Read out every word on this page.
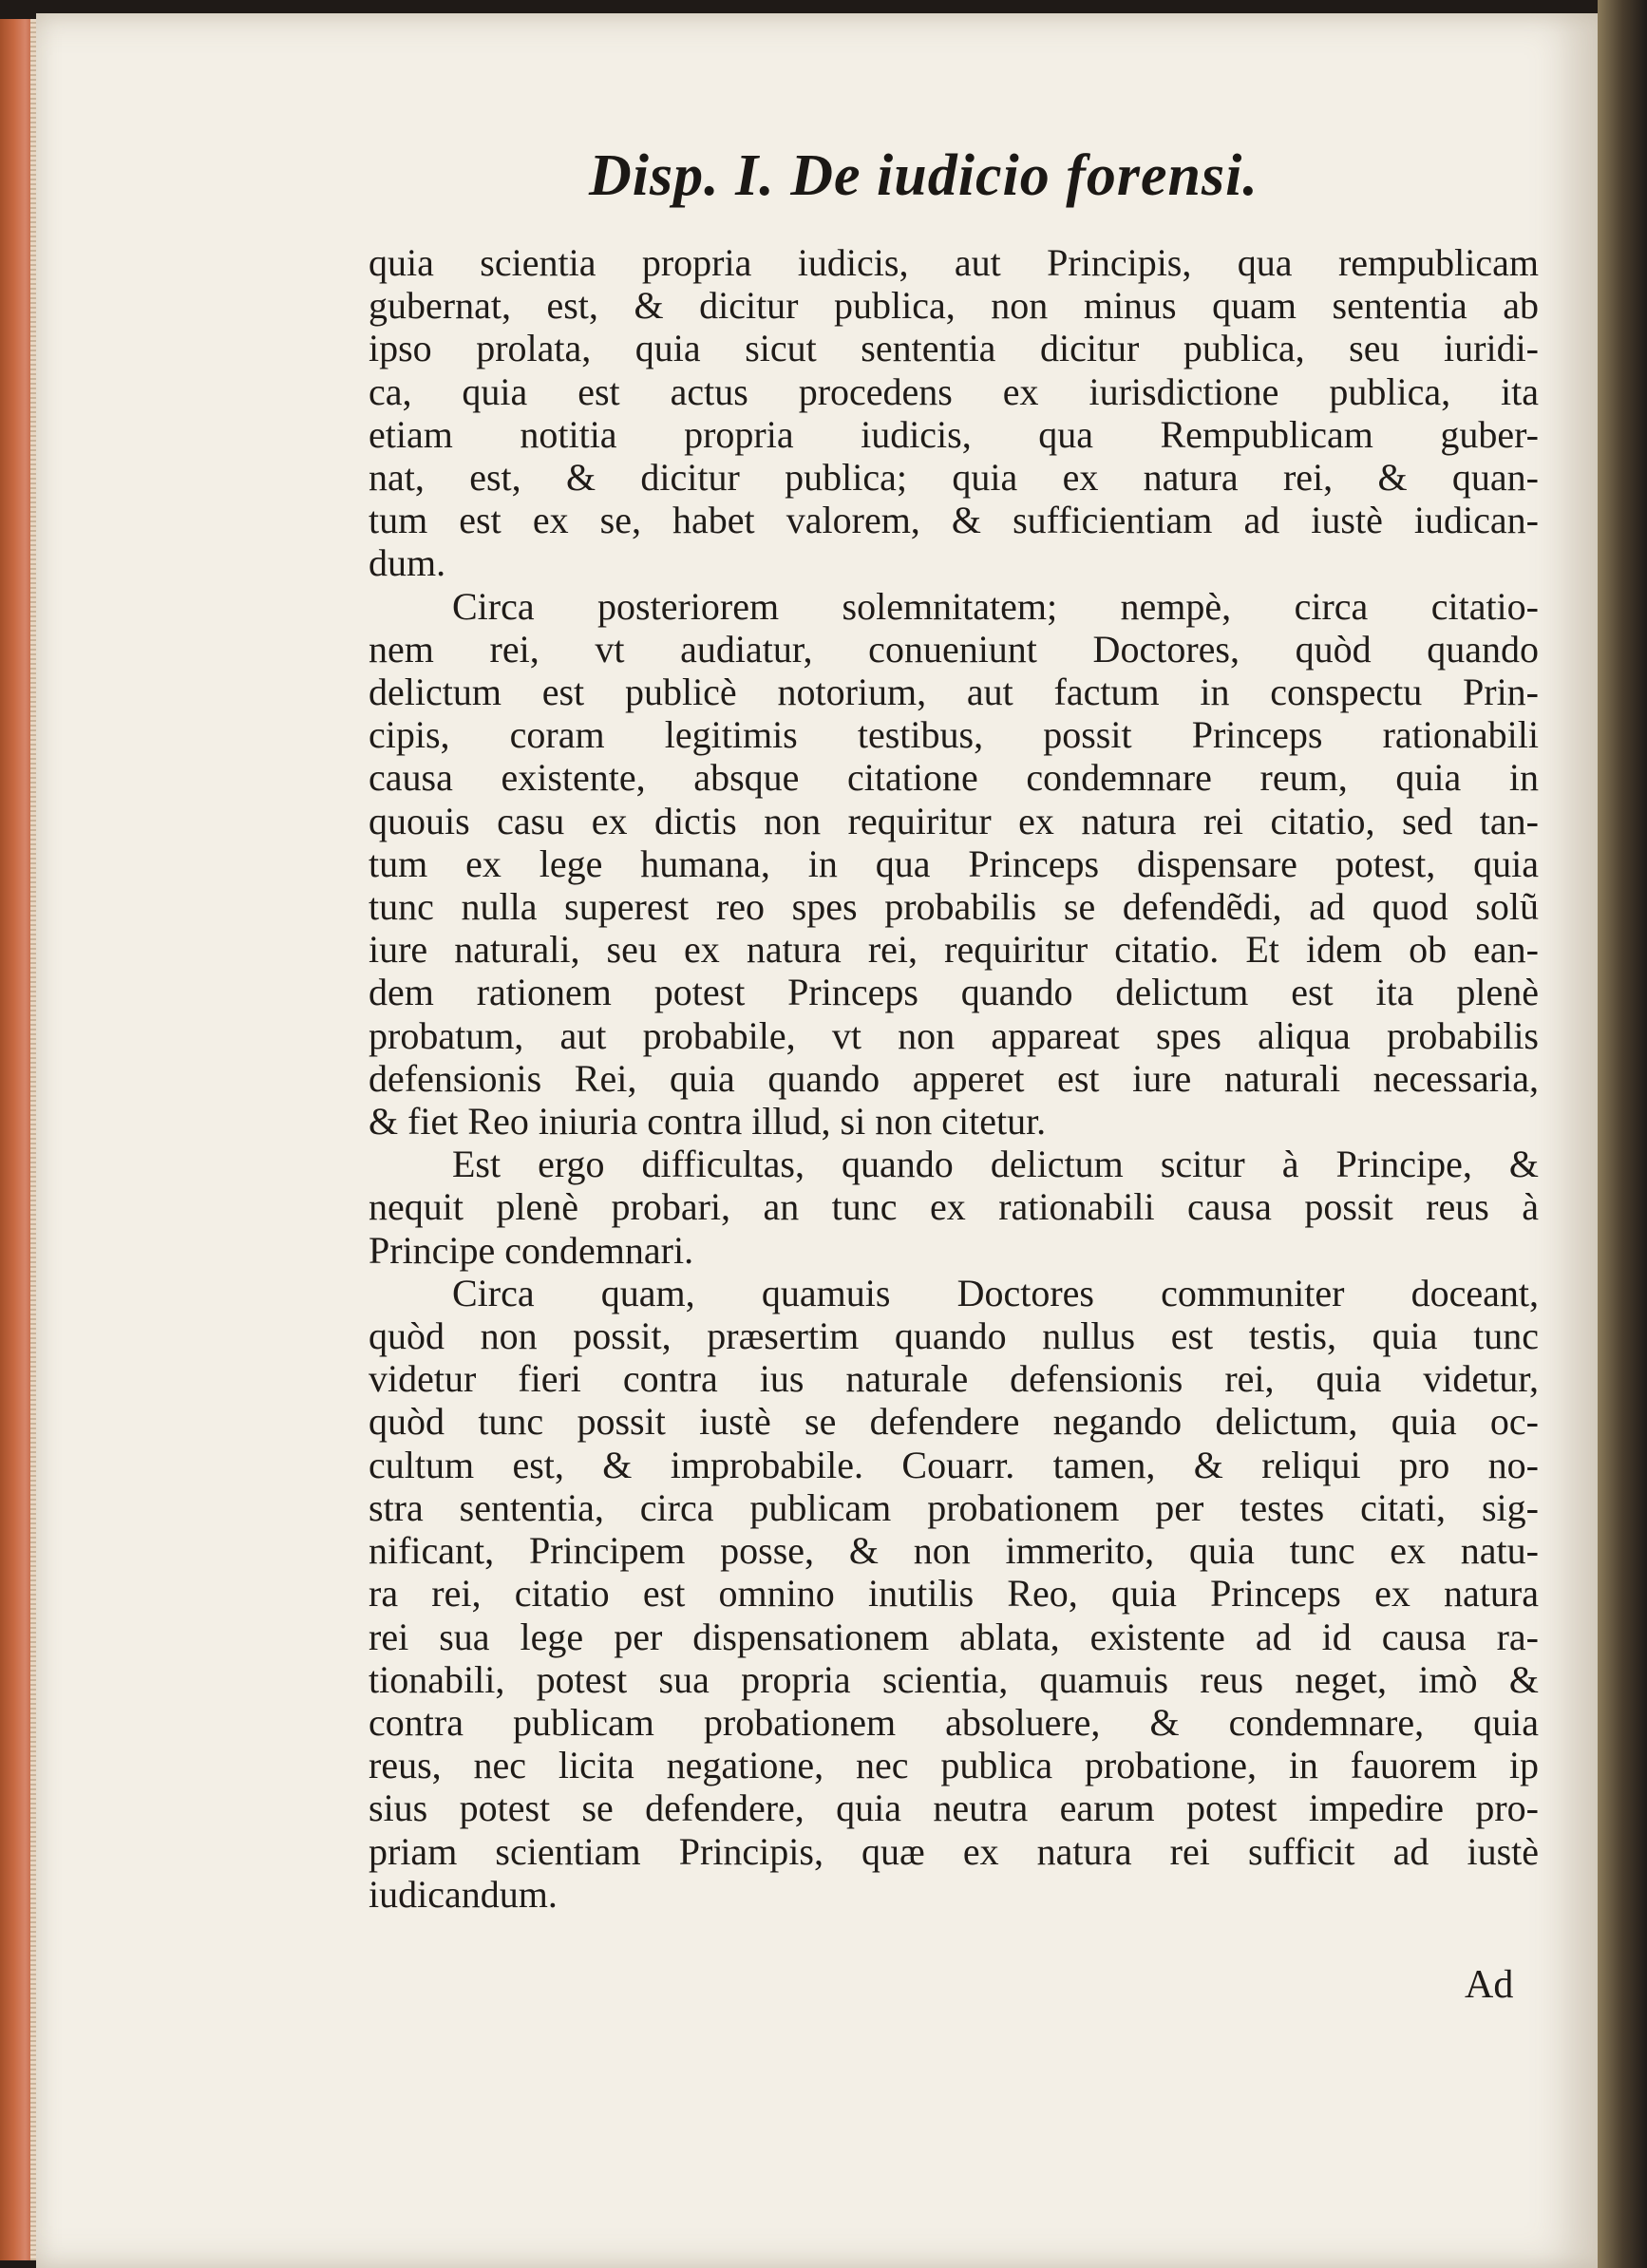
Disp. I. De iudicio forensi.
quia scientia propria iudicis, aut Principis, qua rempublicam
gubernat, est, & dicitur publica, non minus quam sententia ab
ipso prolata, quia sicut sententia dicitur publica, seu iuridi-
ca, quia est actus procedens ex iurisdictione publica, ita
etiam notitia propria iudicis, qua Rempublicam guber-
nat, est, & dicitur publica; quia ex natura rei, & quan-
tum est ex se, habet valorem, & sufficientiam ad iustè iudican-
dum.
Circa posteriorem solemnitatem; nempè, circa citatio-
nem rei, vt audiatur, conueniunt Doctores, quòd quando
delictum est publicè notorium, aut factum in conspectu Prin-
cipis, coram legitimis testibus, possit Princeps rationabili
causa existente, absque citatione condemnare reum, quia in
quouis casu ex dictis non requiritur ex natura rei citatio, sed tan-
tum ex lege humana, in qua Princeps dispensare potest, quia
tunc nulla superest reo spes probabilis se defendẽdi, ad quod solũ
iure naturali, seu ex natura rei, requiritur citatio. Et idem ob ean-
dem rationem potest Princeps quando delictum est ita plenè
probatum, aut probabile, vt non appareat spes aliqua probabilis
defensionis Rei, quia quando apperet est iure naturali necessaria,
& fiet Reo iniuria contra illud, si non citetur.
Est ergo difficultas, quando delictum scitur à Principe, &
nequit plenè probari, an tunc ex rationabili causa possit reus à
Principe condemnari.
Circa quam, quamuis Doctores communiter doceant,
quòd non possit, præsertim quando nullus est testis, quia tunc
videtur fieri contra ius naturale defensionis rei, quia videtur,
quòd tunc possit iustè se defendere negando delictum, quia oc-
cultum est, & improbabile. Couarr. tamen, & reliqui pro no-
stra sententia, circa publicam probationem per testes citati, sig-
nificant, Principem posse, & non immerito, quia tunc ex natu-
ra rei, citatio est omnino inutilis Reo, quia Princeps ex natura
rei sua lege per dispensationem ablata, existente ad id causa ra-
tionabili, potest sua propria scientia, quamuis reus neget, imò &
contra publicam probationem absoluere, & condemnare, quia
reus, nec licita negatione, nec publica probatione, in fauorem ip
sius potest se defendere, quia neutra earum potest impedire pro-
priam scientiam Principis, quæ ex natura rei sufficit ad iustè
iudicandum.
Ad
